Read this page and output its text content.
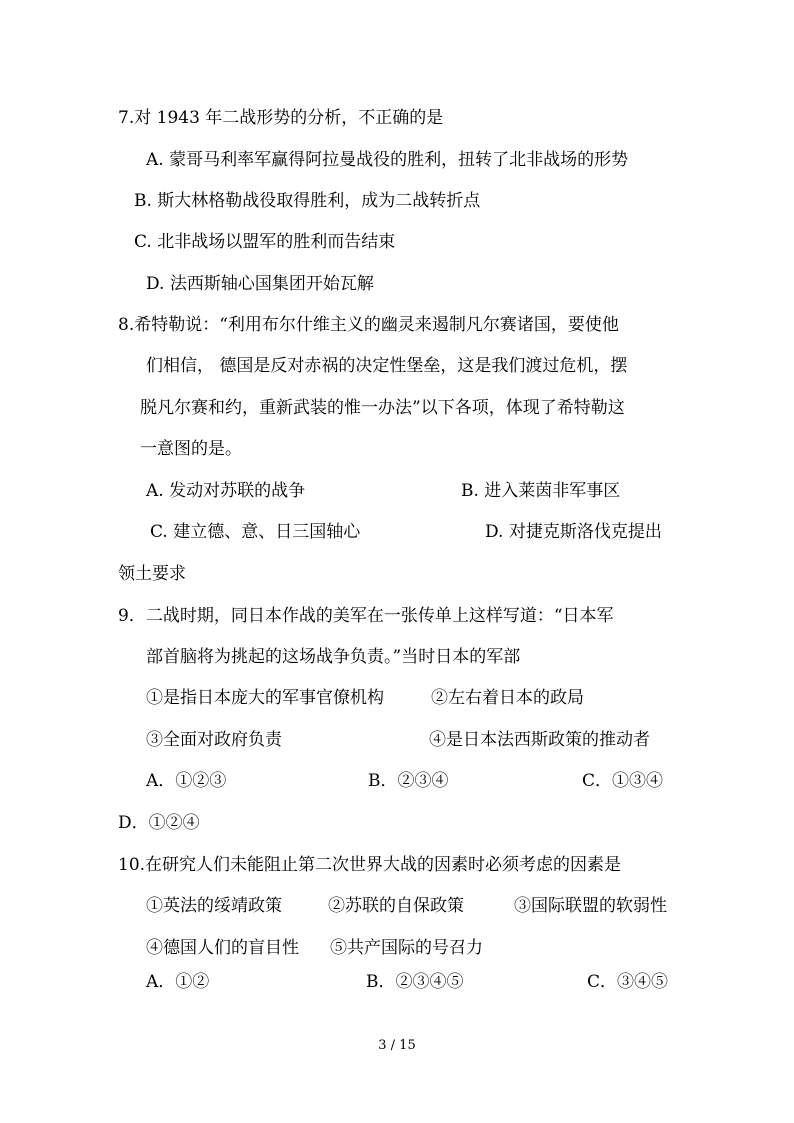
7.对 1943 年二战形势的分析，不正确的是
A. 蒙哥马利率军赢得阿拉曼战役的胜利，扭转了北非战场的形势
B. 斯大林格勒战役取得胜利，成为二战转折点
C. 北非战场以盟军的胜利而告结束
D. 法西斯轴心国集团开始瓦解
8.希特勒说：“利用布尔什维主义的幽灵来遏制凡尔赛诸国，要使他
们相信， 德国是反对赤祸的决定性堡垒，这是我们渡过危机，摆
脱凡尔赛和约，重新武装的惟一办法”以下各项，体现了希特勒这
一意图的是。
A. 发动对苏联的战争	B. 进入莱茵非军事区
C. 建立德、意、日三国轴心	D. 对捷克斯洛伐克提出
领土要求
9．二战时期，同日本作战的美军在一张传单上这样写道：“日本军
部首脑将为挑起的这场战争负责。”当时日本的军部
①是指日本庞大的军事官僚机构	②左右着日本的政局
③全面对政府负责	④是日本法西斯政策的推动者
A．①②③	B．②③④	C．①③④
D．①②④
10.在研究人们未能阻止第二次世界大战的因素时必须考虑的因素是
①英法的绥靖政策	②苏联的自保政策	③国际联盟的软弱性
④德国人们的盲目性 ⑤共产国际的号召力
A．①②	B．②③④⑤	C．③④⑤
3 / 15
